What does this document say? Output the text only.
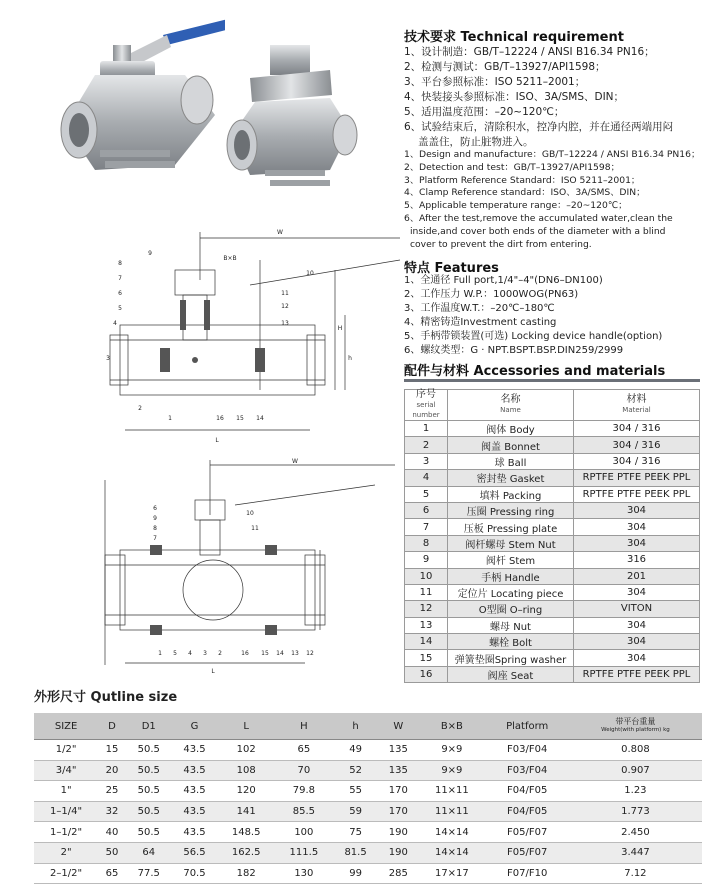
W
H
h
L
B×B
8
9
7
6
5
4
3
2
1
10
11
12
13
14
15
16
W
L
9
8
7
6
10
11
1 5 4 3 2	16 15 14 13 12
技术要求 Technical requirement
1、设计制造：GB/T–12224 / ANSI B16.34 PN16；
2、检测与测试：GB/T–13927/API1598；
3、平台参照标准：ISO 5211–2001；
4、快装接头参照标准：ISO、3A/SMS、DIN；
5、适用温度范围：–20~120℃；
6、试验结束后，清除积水，控净内腔，并在通径两端用闷
盖盖住，防止脏物进入。
1、Design and manufacture：GB/T–12224 / ANSI B16.34 PN16；
2、Detection and test：GB/T–13927/API1598；
3、Platform Reference Standard：ISO 5211–2001；
4、Clamp Reference standard：ISO、3A/SMS、DIN；
5、Applicable temperature range：–20~120℃；
6、After the test,remove the accumulated water,clean the
inside,and cover both ends of the diameter with a blind
cover to prevent the dirt from entering.
特点 Features
1、全通径 Full port,1/4"–4"(DN6–DN100)
2、工作压力 W.P.：1000WOG(PN63)
3、工作温度W.T.：–20℃–180℃
4、精密铸造Investment casting
5、手柄带锁装置(可选) Locking device handle(option)
6、螺纹类型：G · NPT.BSPT.BSP.DIN259/2999
配件与材料 Accessories and materials
序号
serial
number	名称
Name	材料
Material

1	阀体 Body	304 / 316
2	阀盖 Bonnet	304 / 316
3	球 Ball	304 / 316
4	密封垫 Gasket	RPTFE PTFE PEEK PPL
5	填料 Packing	RPTFE PTFE PEEK PPL
6	压圈 Pressing ring	304
7	压板 Pressing plate	304
8	阀杆螺母 Stem Nut	304
9	阀杆 Stem	316
10	手柄 Handle	201
11	定位片 Locating piece	304
12	O型圈 O–ring	VITON
13	螺母 Nut	304
14	螺栓 Bolt	304
15	弹簧垫圈Spring washer	304
16	阀座 Seat	RPTFE PTFE PEEK PPL
外形尺寸 Qutline size
SIZE	D	D1	G	L	H	h	W	B×B	Platform	带平台重量
Weight(with platform) kg

1/2"	15	50.5	43.5	102	65	49	135	9×9	F03/F04	0.808
3/4"	20	50.5	43.5	108	70	52	135	9×9	F03/F04	0.907
1"	25	50.5	43.5	120	79.8	55	170	11×11	F04/F05	1.23
1–1/4"	32	50.5	43.5	141	85.5	59	170	11×11	F04/F05	1.773
1–1/2"	40	50.5	43.5	148.5	100	75	190	14×14	F05/F07	2.450
2"	50	64	56.5	162.5	111.5	81.5	190	14×14	F05/F07	3.447
2–1/2"	65	77.5	70.5	182	130	99	285	17×17	F07/F10	7.12
